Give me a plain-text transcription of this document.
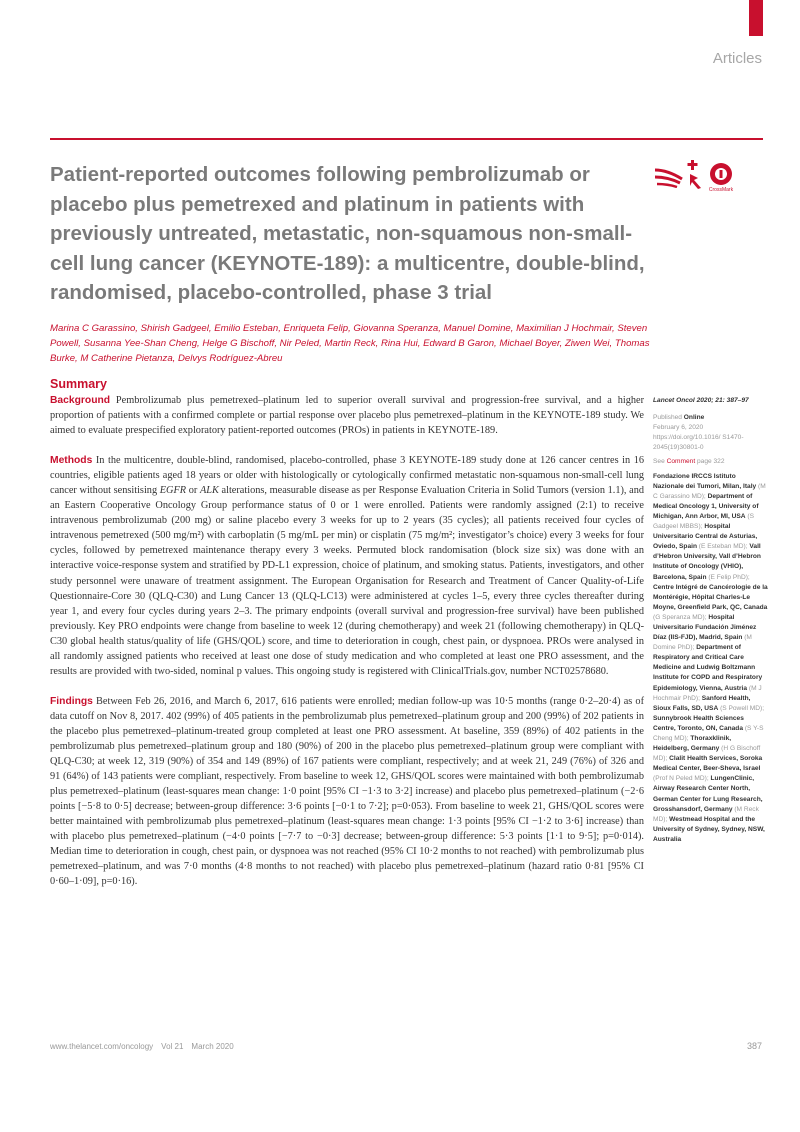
Articles
Patient-reported outcomes following pembrolizumab or placebo plus pemetrexed and platinum in patients with previously untreated, metastatic, non-squamous non-small-cell lung cancer (KEYNOTE-189): a multicentre, double-blind, randomised, placebo-controlled, phase 3 trial
CrossMark

Marina C Garassino, Shirish Gadgeel, Emilio Esteban, Enriqueta Felip, Giovanna Speranza, Manuel Domine, Maximilian J Hochmair, Steven Powell, Susanna Yee-Shan Cheng, Helge G Bischoff, Nir Peled, Martin Reck, Rina Hui, Edward B Garon, Michael Boyer, Ziwen Wei, Thomas Burke, M Catherine Pietanza, Delvys Rodríguez-Abreu

Summary

Background Pembrolizumab plus pemetrexed–platinum led to superior overall survival and progression-free survival, and a higher proportion of patients with a confirmed complete or partial response over placebo plus pemetrexed–platinum in the KEYNOTE-189 study. We aimed to evaluate prespecified exploratory patient-reported outcomes (PROs) in patients in KEYNOTE-189.

Methods In the multicentre, double-blind, randomised, placebo-controlled, phase 3 KEYNOTE-189 study done at 126 cancer centres in 16 countries, eligible patients aged 18 years or older with histologically or cytologically confirmed metastatic non-squamous non-small-cell lung cancer without sensitising EGFR or ALK alterations, measurable disease as per Response Evaluation Criteria in Solid Tumors (version 1.1), and an Eastern Cooperative Oncology Group performance status of 0 or 1 were enrolled. Patients were randomly assigned (2:1) to receive intravenous pembrolizumab (200 mg) or saline placebo every 3 weeks for up to 2 years (35 cycles); all patients received four cycles of intravenous pemetrexed (500 mg/m²) with carboplatin (5 mg/mL per min) or cisplatin (75 mg/m²; investigator’s choice) every 3 weeks for four cycles, followed by pemetrexed maintenance therapy every 3 weeks. Permuted block randomisation (block size six) was done with an interactive voice-response system and stratified by PD-L1 expression, choice of platinum, and smoking status. Patients, investigators, and other study personnel were unaware of treatment assignment. The European Organisation for Research and Treatment of Cancer Quality-of-Life Questionnaire-Core 30 (QLQ-C30) and Lung Cancer 13 (QLQ-LC13) were administered at cycles 1–5, every three cycles thereafter during year 1, and every four cycles during years 2–3. The primary endpoints (overall survival and progression-free survival) have been published previously. Key PRO endpoints were change from baseline to week 12 (during chemotherapy) and week 21 (following chemotherapy) in QLQ-C30 global health status/quality of life (GHS/QOL) score, and time to deterioration in cough, chest pain, or dyspnoea. PROs were analysed in all randomly assigned patients who received at least one dose of study medication and who completed at least one PRO assessment, and the results are provided with two-sided, nominal p values. This ongoing study is registered with ClinicalTrials.gov, number NCT02578680.

Findings Between Feb 26, 2016, and March 6, 2017, 616 patients were enrolled; median follow-up was 10·5 months (range 0·2–20·4) as of data cutoff on Nov 8, 2017. 402 (99%) of 405 patients in the pembrolizumab plus pemetrexed–platinum group and 200 (99%) of 202 patients in the placebo plus pemetrexed–platinum-treated group completed at least one PRO assessment. At baseline, 359 (89%) of 402 patients in the pembrolizumab plus pemetrexed–platinum group and 180 (90%) of 200 in the placebo plus pemetrexed–platinum group were compliant with QLQ-C30; at week 12, 319 (90%) of 354 and 149 (89%) of 167 patients were compliant, respectively; and at week 21, 249 (76%) of 326 and 91 (64%) of 143 patients were compliant, respectively. From baseline to week 12, GHS/QOL scores were maintained with both pembrolizumab plus pemetrexed–platinum (least-squares mean change: 1·0 point [95% CI −1·3 to 3·2] increase) and placebo plus pemetrexed–platinum (−2·6 points [−5·8 to 0·5] decrease; between-group difference: 3·6 points [−0·1 to 7·2]; p=0·053). From baseline to week 21, GHS/QOL scores were better maintained with pembrolizumab plus pemetrexed–platinum (least-squares mean change: 1·3 points [95% CI −1·2 to 3·6] increase) than with placebo plus pemetrexed–platinum (−4·0 points [−7·7 to −0·3] decrease; between-group difference: 5·3 points [1·1 to 9·5]; p=0·014). Median time to deterioration in cough, chest pain, or dyspnoea was not reached (95% CI 10·2 months to not reached) with pembrolizumab plus pemetrexed–platinum, and was 7·0 months (4·8 months to not reached) with placebo plus pemetrexed–platinum (hazard ratio 0·81 [95% CI 0·60–1·09], p=0·16).

Lancet Oncol 2020; 21: 387–97
Published Online
February 6, 2020
https://doi.org/10.1016/ S1470-2045(19)30801-0
See Comment page 322
Fondazione IRCCS Istituto Nazionale dei Tumori, Milan, Italy (M C Garassino MD); Department of Medical Oncology 1, University of Michigan, Ann Arbor, MI, USA (S Gadgeel MBBS); Hospital Universitario Central de Asturias, Oviedo, Spain (E Esteban MD); Vall d’Hebron University, Vall d’Hebron Institute of Oncology (VHIO), Barcelona, Spain (E Felip PhD); Centre Intégré de Cancérologie de la Montérégie, Hôpital Charles-Le Moyne, Greenfield Park, QC, Canada (G Speranza MD); Hospital Universitario Fundación Jiménez Díaz (IIS-FJD), Madrid, Spain (M Domine PhD); Department of Respiratory and Critical Care Medicine and Ludwig Boltzmann Institute for COPD and Respiratory Epidemiology, Vienna, Austria (M J Hochmair PhD); Sanford Health, Sioux Falls, SD, USA (S Powell MD); Sunnybrook Health Sciences Centre, Toronto, ON, Canada (S Y-S Cheng MD); Thoraxklinik, Heidelberg, Germany (H G Bischoff MD); Clalit Health Services, Soroka Medical Center, Beer-Sheva, Israel (Prof N Peled MD); LungenClinic, Airway Research Center North, German Center for Lung Research, Grosshansdorf, Germany (M Reck MD); Westmead Hospital and the University of Sydney, Sydney, NSW, Australia
www.thelancet.com/oncology Vol 21 March 2020	387
